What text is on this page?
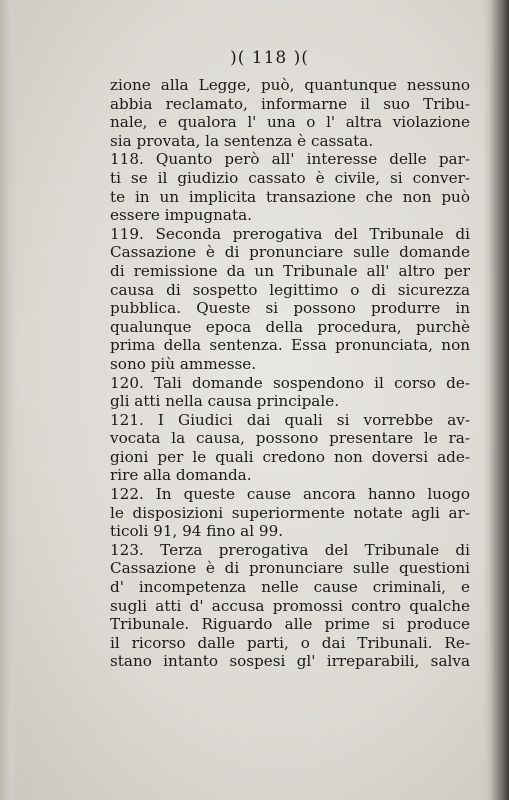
)( 118 )(
zione alla Legge, può, quantunque nessuno
abbia reclamato, informarne il suo Tribu-
nale, e qualora l' una o l' altra violazione
sia provata, la sentenza è cassata.
118. Quanto però all' interesse delle par-
ti se il giudizio cassato è civile, si conver-
te in un implicita transazione che non può
essere impugnata.
119. Seconda prerogativa del Tribunale di
Cassazione è di pronunciare sulle domande
di remissione da un Tribunale all' altro per
causa di sospetto legittimo o di sicurezza
pubblica. Queste si possono produrre in
qualunque epoca della procedura, purchè
prima della sentenza. Essa pronunciata, non
sono più ammesse.
120. Tali domande sospendono il corso de-
gli atti nella causa principale.
121. I Giudici dai quali si vorrebbe av-
vocata la causa, possono presentare le ra-
gioni per le quali credono non doversi ade-
rire alla domanda.
122. In queste cause ancora hanno luogo
le disposizioni superiormente notate agli ar-
ticoli 91, 94 fino al 99.
123. Terza prerogativa del Tribunale di
Cassazione è di pronunciare sulle questioni
d' incompetenza nelle cause criminali, e
sugli atti d' accusa promossi contro qualche
Tribunale. Riguardo alle prime si produce
il ricorso dalle parti, o dai Tribunali. Re-
stano intanto sospesi gl' irreparabili, salva
